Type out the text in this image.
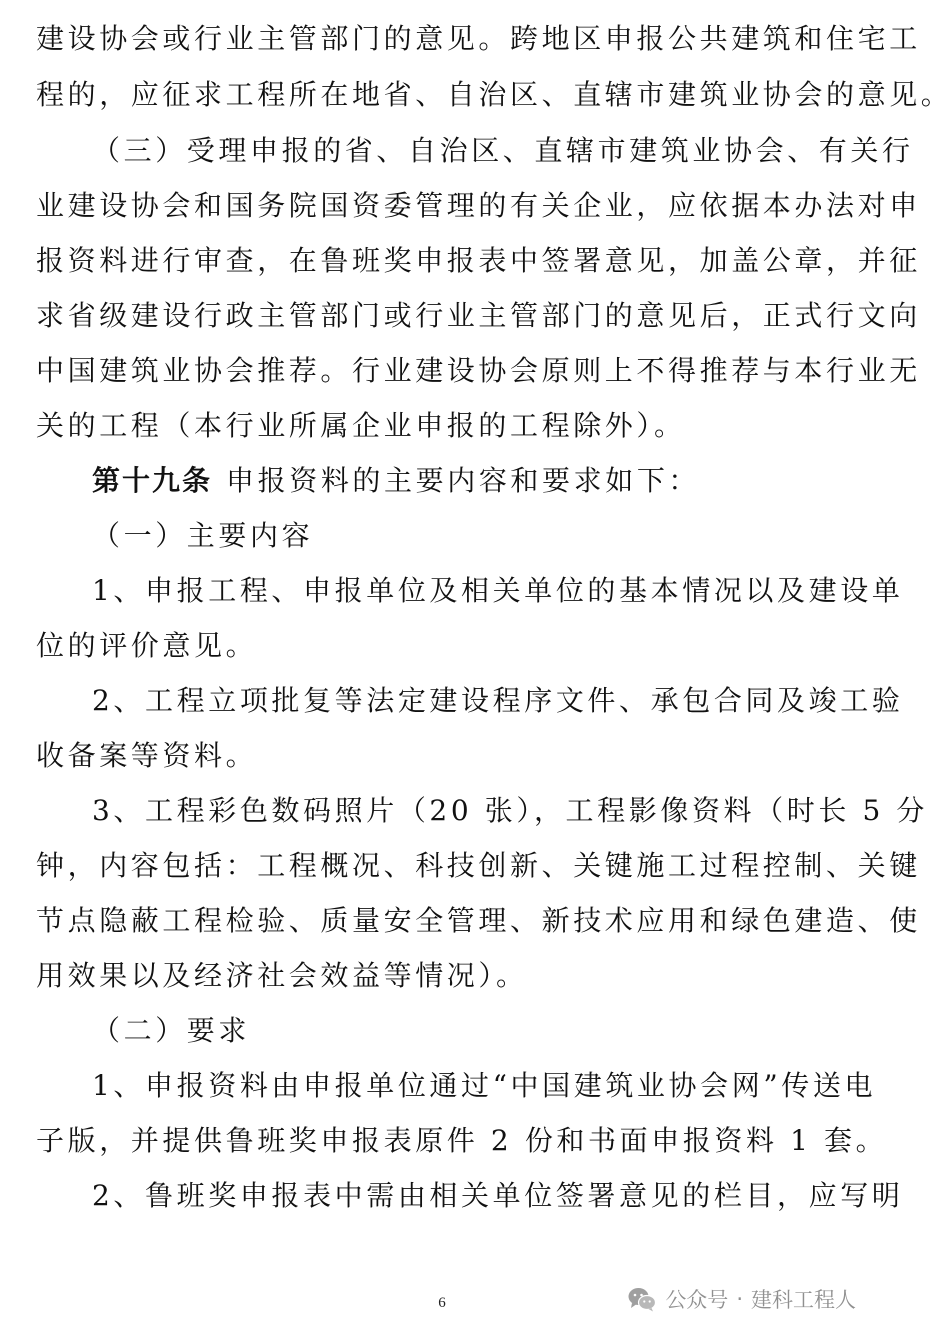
建设协会或行业主管部门的意见。跨地区申报公共建筑和住宅工
程的，应征求工程所在地省、自治区、直辖市建筑业协会的意见。
（三）受理申报的省、自治区、直辖市建筑业协会、有关行
业建设协会和国务院国资委管理的有关企业，应依据本办法对申
报资料进行审查，在鲁班奖申报表中签署意见，加盖公章，并征
求省级建设行政主管部门或行业主管部门的意见后，正式行文向
中国建筑业协会推荐。行业建设协会原则上不得推荐与本行业无
关的工程（本行业所属企业申报的工程除外）。
第十九条 申报资料的主要内容和要求如下：
（一）主要内容
1、申报工程、申报单位及相关单位的基本情况以及建设单
位的评价意见。
2、工程立项批复等法定建设程序文件、承包合同及竣工验
收备案等资料。
3、工程彩色数码照片（20 张），工程影像资料（时长 5 分
钟，内容包括：工程概况、科技创新、关键施工过程控制、关键
节点隐蔽工程检验、质量安全管理、新技术应用和绿色建造、使
用效果以及经济社会效益等情况）。
（二）要求
1、申报资料由申报单位通过“中国建筑业协会网”传送电
子版，并提供鲁班奖申报表原件 2 份和书面申报资料 1 套。
2、鲁班奖申报表中需由相关单位签署意见的栏目，应写明
6	公众号 · 建科工程人
